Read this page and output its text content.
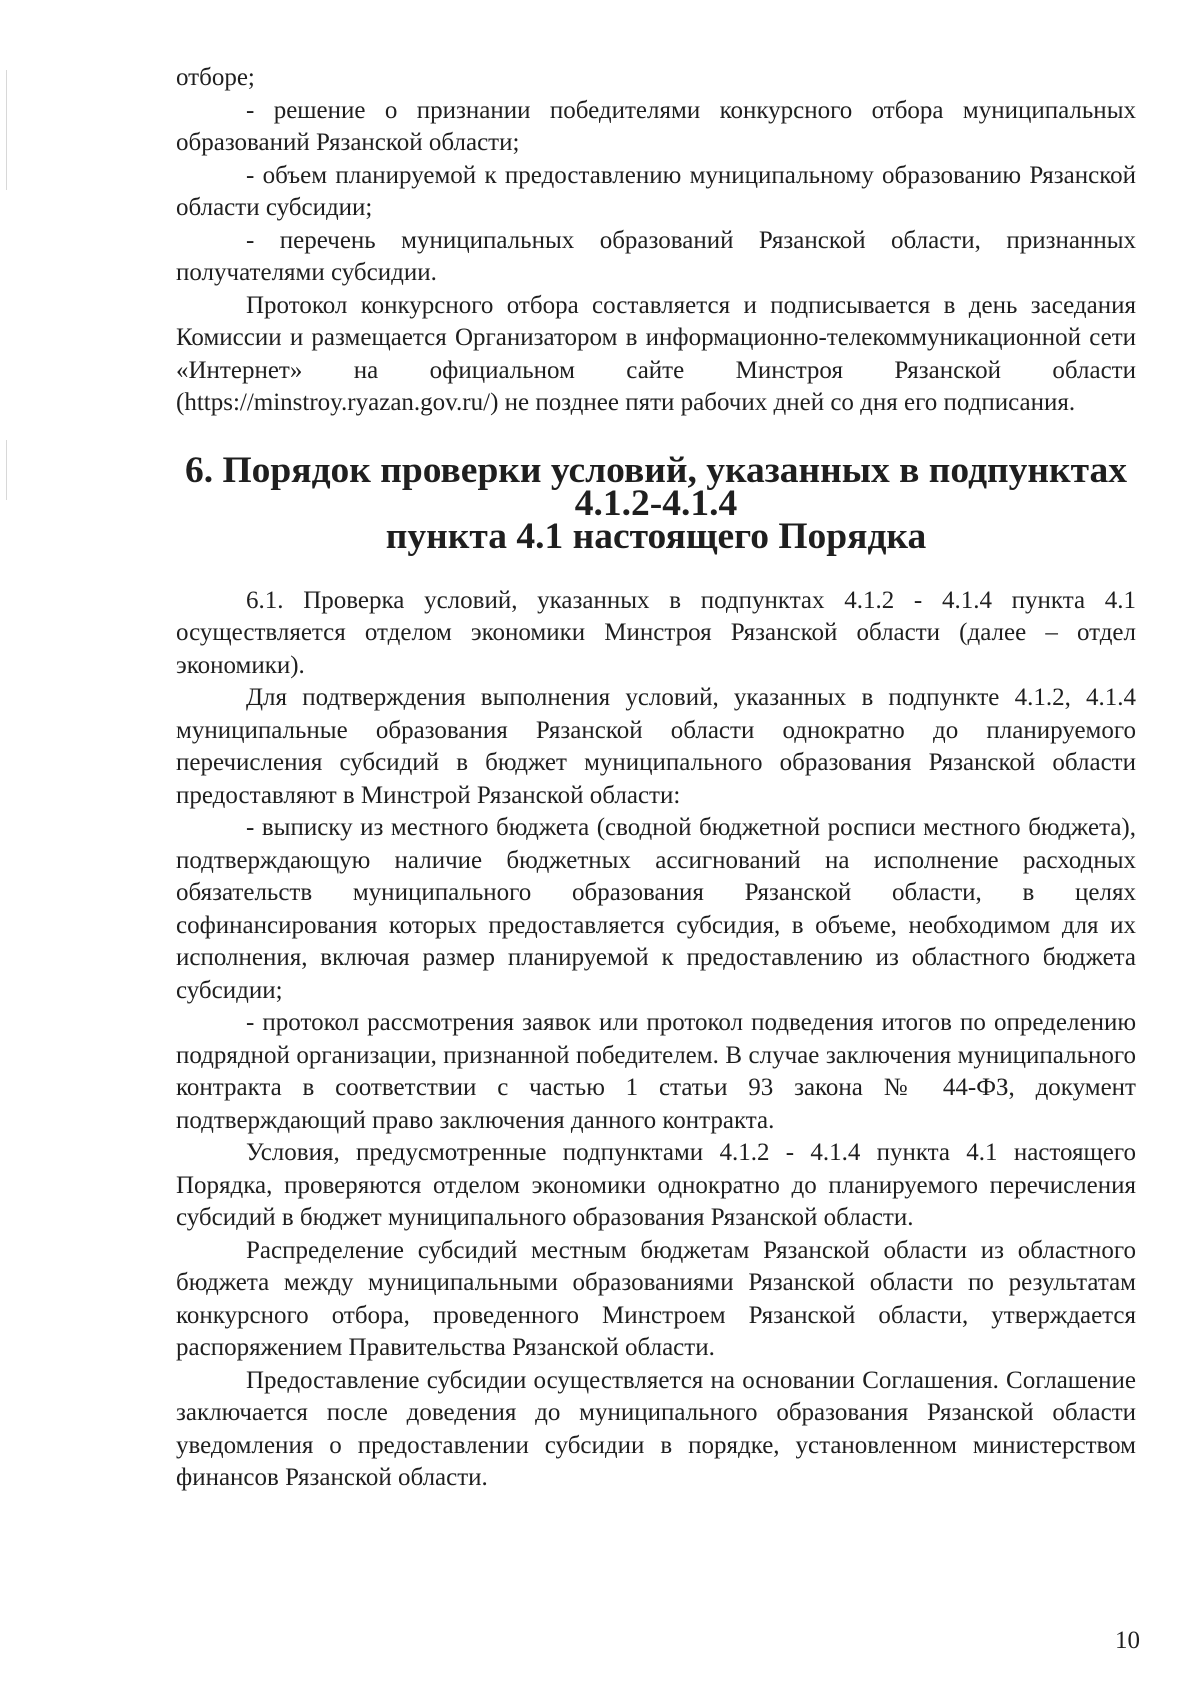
отборе;

- решение о признании победителями конкурсного отбора муниципальных образований Рязанской области;

- объем планируемой к предоставлению муниципальному образованию Рязанской области субсидии;

- перечень муниципальных образований Рязанской области, признанных получателями субсидии.

Протокол конкурсного отбора составляется и подписывается в день заседания Комиссии и размещается Организатором в информационно-телекоммуникационной сети «Интернет» на официальном сайте Минстроя Рязанской области (https://minstroy.ryazan.gov.ru/) не позднее пяти рабочих дней со дня его подписания.

6. Порядок проверки условий, указанных в подпунктах 4.1.2-4.1.4
пункта 4.1 настоящего Порядка

6.1. Проверка условий, указанных в подпунктах 4.1.2 - 4.1.4 пункта 4.1 осуществляется отделом экономики Минстроя Рязанской области (далее – отдел экономики).

Для подтверждения выполнения условий, указанных в подпункте 4.1.2, 4.1.4 муниципальные образования Рязанской области однократно до планируемого перечисления субсидий в бюджет муниципального образования Рязанской области предоставляют в Минстрой Рязанской области:

- выписку из местного бюджета (сводной бюджетной росписи местного бюджета), подтверждающую наличие бюджетных ассигнований на исполнение расходных обязательств муниципального образования Рязанской области, в целях софинансирования которых предоставляется субсидия, в объеме, необходимом для их исполнения, включая размер планируемой к предоставлению из областного бюджета субсидии;

- протокол рассмотрения заявок или протокол подведения итогов по определению подрядной организации, признанной победителем. В случае заключения муниципального контракта в соответствии с частью 1 статьи 93 закона № 44-ФЗ, документ подтверждающий право заключения данного контракта.

Условия, предусмотренные подпунктами 4.1.2 - 4.1.4 пункта 4.1 настоящего Порядка, проверяются отделом экономики однократно до планируемого перечисления субсидий в бюджет муниципального образования Рязанской области.

Распределение субсидий местным бюджетам Рязанской области из областного бюджета между муниципальными образованиями Рязанской области по результатам конкурсного отбора, проведенного Минстроем Рязанской области, утверждается распоряжением Правительства Рязанской области.

Предоставление субсидии осуществляется на основании Соглашения. Соглашение заключается после доведения до муниципального образования Рязанской области уведомления о предоставлении субсидии в порядке, установленном министерством финансов Рязанской области.

10
